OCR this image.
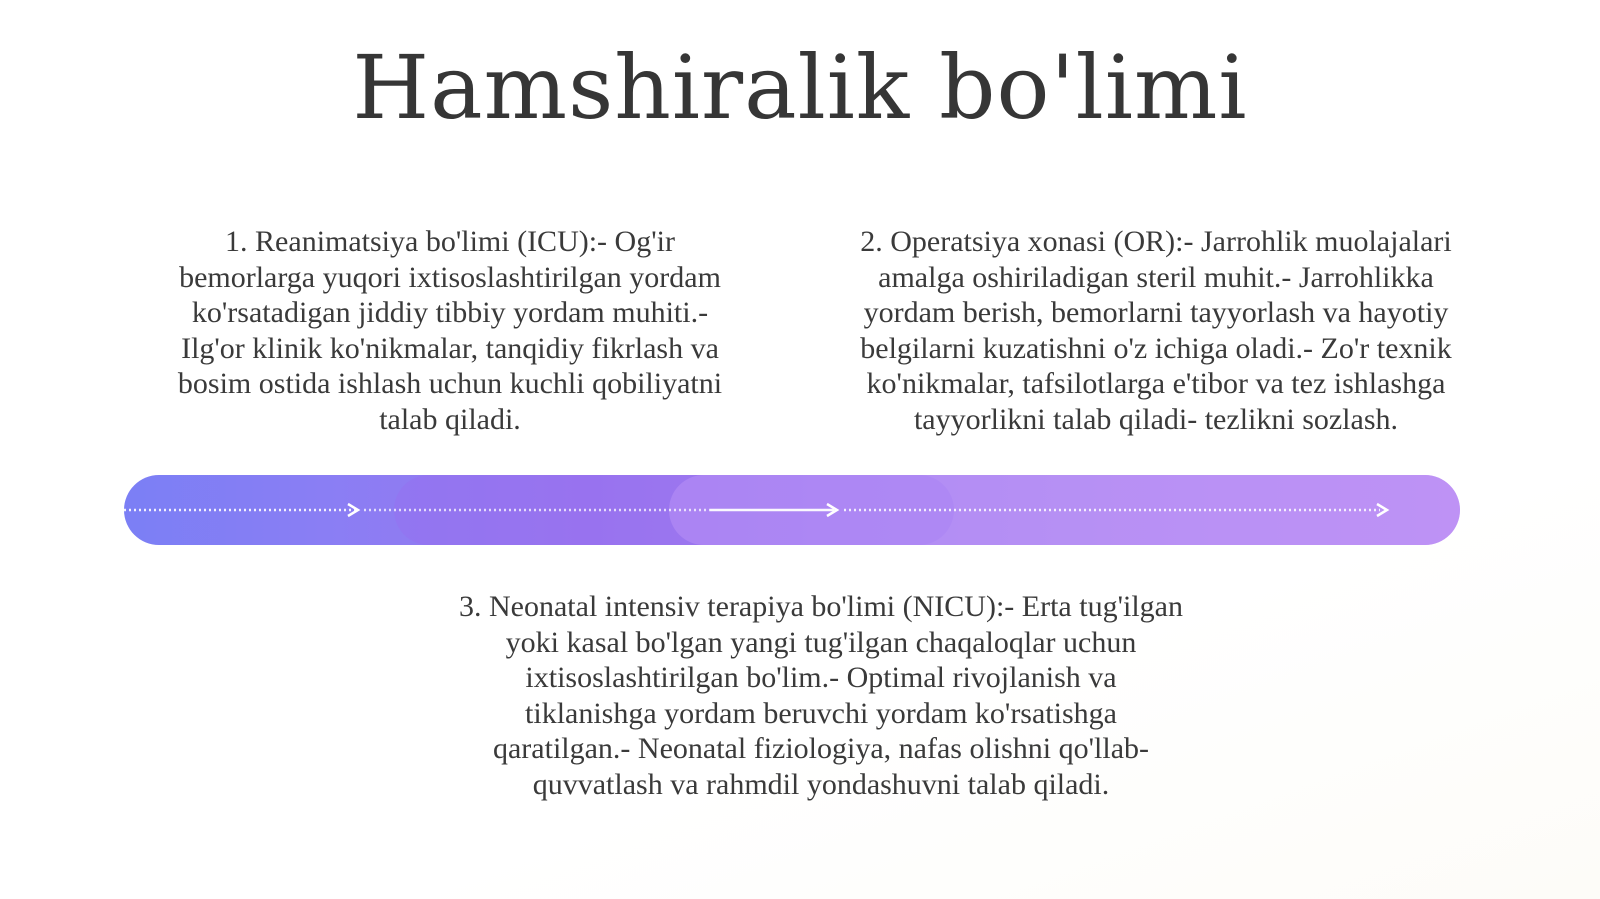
Hamshiralik bo'limi
1. Reanimatsiya bo'limi (ICU):- Og'ir bemorlarga yuqori ixtisoslashtirilgan yordam ko'rsatadigan jiddiy tibbiy yordam muhiti.- Ilg'or klinik ko'nikmalar, tanqidiy fikrlash va bosim ostida ishlash uchun kuchli qobiliyatni talab qiladi.
2. Operatsiya xonasi (OR):- Jarrohlik muolajalari amalga oshiriladigan steril muhit.- Jarrohlikka yordam berish, bemorlarni tayyorlash va hayotiy belgilarni kuzatishni o'z ichiga oladi.- Zo'r texnik ko'nikmalar, tafsilotlarga e'tibor va tez ishlashga tayyorlikni talab qiladi- tezlikni sozlash.
3. Neonatal intensiv terapiya bo'limi (NICU):- Erta tug'ilgan yoki kasal bo'lgan yangi tug'ilgan chaqaloqlar uchun ixtisoslashtirilgan bo'lim.- Optimal rivojlanish va tiklanishga yordam beruvchi yordam ko'rsatishga qaratilgan.- Neonatal fiziologiya, nafas olishni qo'llab-quvvatlash va rahmdil yondashuvni talab qiladi.
